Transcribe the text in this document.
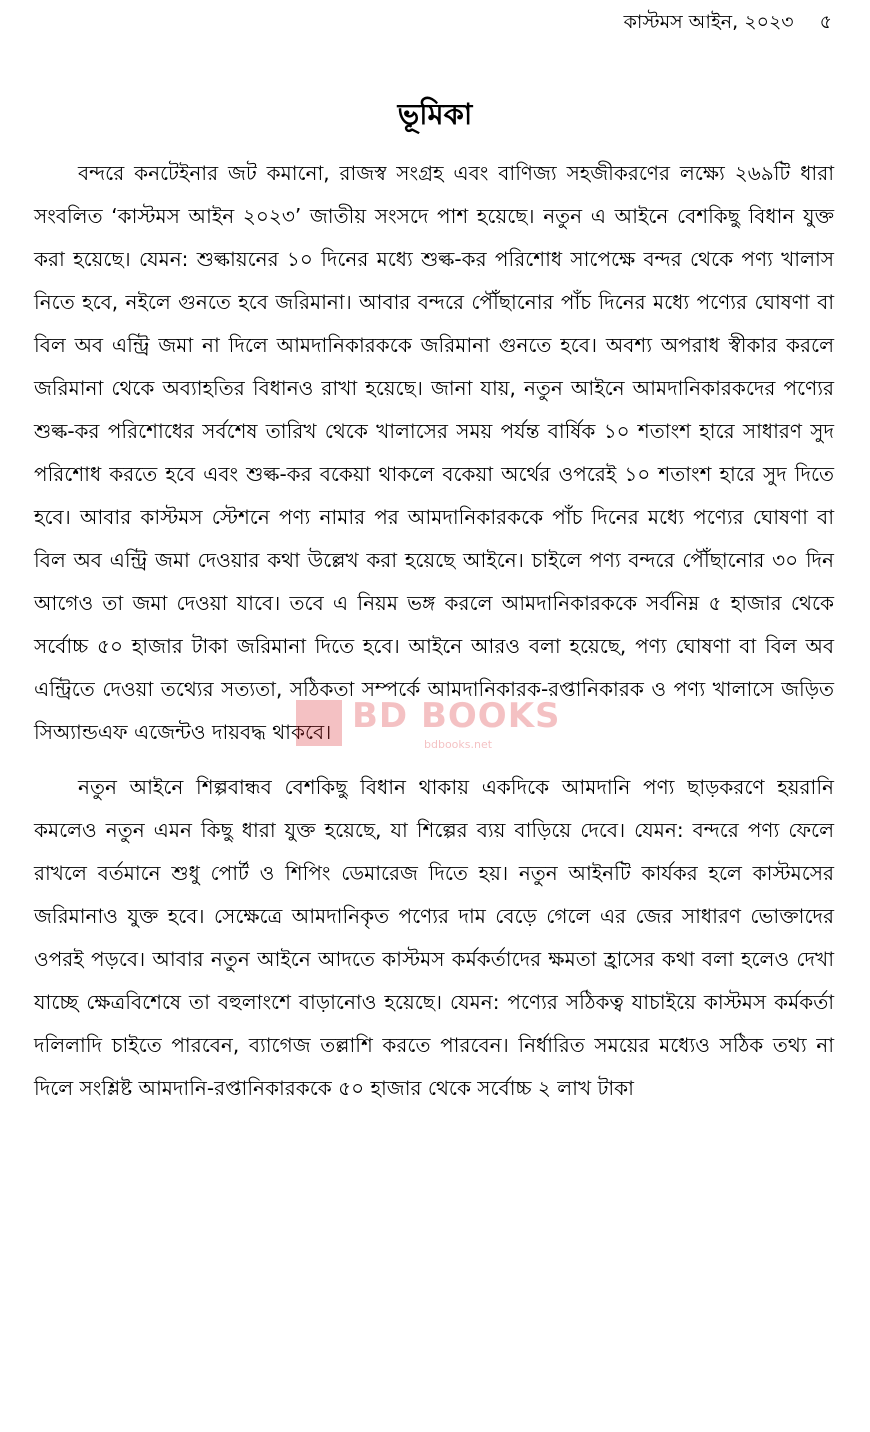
কাস্টমস আইন, ২০২৩ ৫
ভূমিকা

বন্দরে কনটেইনার জট কমানো, রাজস্ব সংগ্রহ এবং বাণিজ্য সহজীকরণের লক্ষ্যে ২৬৯টি ধারা সংবলিত ‘কাস্টমস আইন ২০২৩’ জাতীয় সংসদে পাশ হয়েছে। নতুন এ আইনে বেশকিছু বিধান যুক্ত করা হয়েছে। যেমন: শুল্কায়নের ১০ দিনের মধ্যে শুল্ক-কর পরিশোধ সাপেক্ষে বন্দর থেকে পণ্য খালাস নিতে হবে, নইলে গুনতে হবে জরিমানা। আবার বন্দরে পৌঁছানোর পাঁচ দিনের মধ্যে পণ্যের ঘোষণা বা বিল অব এন্ট্রি জমা না দিলে আমদানিকারককে জরিমানা গুনতে হবে। অবশ্য অপরাধ স্বীকার করলে জরিমানা থেকে অব্যাহতির বিধানও রাখা হয়েছে। জানা যায়, নতুন আইনে আমদানিকারকদের পণ্যের শুল্ক-কর পরিশোধের সর্বশেষ তারিখ থেকে খালাসের সময় পর্যন্ত বার্ষিক ১০ শতাংশ হারে সাধারণ সুদ পরিশোধ করতে হবে এবং শুল্ক-কর বকেয়া থাকলে বকেয়া অর্থের ওপরেই ১০ শতাংশ হারে সুদ দিতে হবে। আবার কাস্টমস স্টেশনে পণ্য নামার পর আমদানিকারককে পাঁচ দিনের মধ্যে পণ্যের ঘোষণা বা বিল অব এন্ট্রি জমা দেওয়ার কথা উল্লেখ করা হয়েছে আইনে। চাইলে পণ্য বন্দরে পৌঁছানোর ৩০ দিন আগেও তা জমা দেওয়া যাবে। তবে এ নিয়ম ভঙ্গ করলে আমদানিকারককে সর্বনিম্ন ৫ হাজার থেকে সর্বোচ্চ ৫০ হাজার টাকা জরিমানা দিতে হবে। আইনে আরও বলা হয়েছে, পণ্য ঘোষণা বা বিল অব এন্ট্রিতে দেওয়া তথ্যের সত্যতা, সঠিকতা সম্পর্কে আমদানিকারক-রপ্তানিকারক ও পণ্য খালাসে জড়িত সিঅ্যান্ডএফ এজেন্টও দায়বদ্ধ থাকবে।

নতুন আইনে শিল্পবান্ধব বেশকিছু বিধান থাকায় একদিকে আমদানি পণ্য ছাড়করণে হয়রানি কমলেও নতুন এমন কিছু ধারা যুক্ত হয়েছে, যা শিল্পের ব্যয় বাড়িয়ে দেবে। যেমন: বন্দরে পণ্য ফেলে রাখলে বর্তমানে শুধু পোর্ট ও শিপিং ডেমারেজ দিতে হয়। নতুন আইনটি কার্যকর হলে কাস্টমসের জরিমানাও যুক্ত হবে। সেক্ষেত্রে আমদানিকৃত পণ্যের দাম বেড়ে গেলে এর জের সাধারণ ভোক্তাদের ওপরই পড়বে। আবার নতুন আইনে আদতে কাস্টমস কর্মকর্তাদের ক্ষমতা হ্রাসের কথা বলা হলেও দেখা যাচ্ছে ক্ষেত্রবিশেষে তা বহুলাংশে বাড়ানোও হয়েছে। যেমন: পণ্যের সঠিকত্ব যাচাইয়ে কাস্টমস কর্মকর্তা দলিলাদি চাইতে পারবেন, ব্যাগেজ তল্লাশি করতে পারবেন। নির্ধারিত সময়ের মধ্যেও সঠিক তথ্য না দিলে সংশ্লিষ্ট আমদানি-রপ্তানিকারককে ৫০ হাজার থেকে সর্বোচ্চ ২ লাখ টাকা

BD BOOKS
bdbooks.net
